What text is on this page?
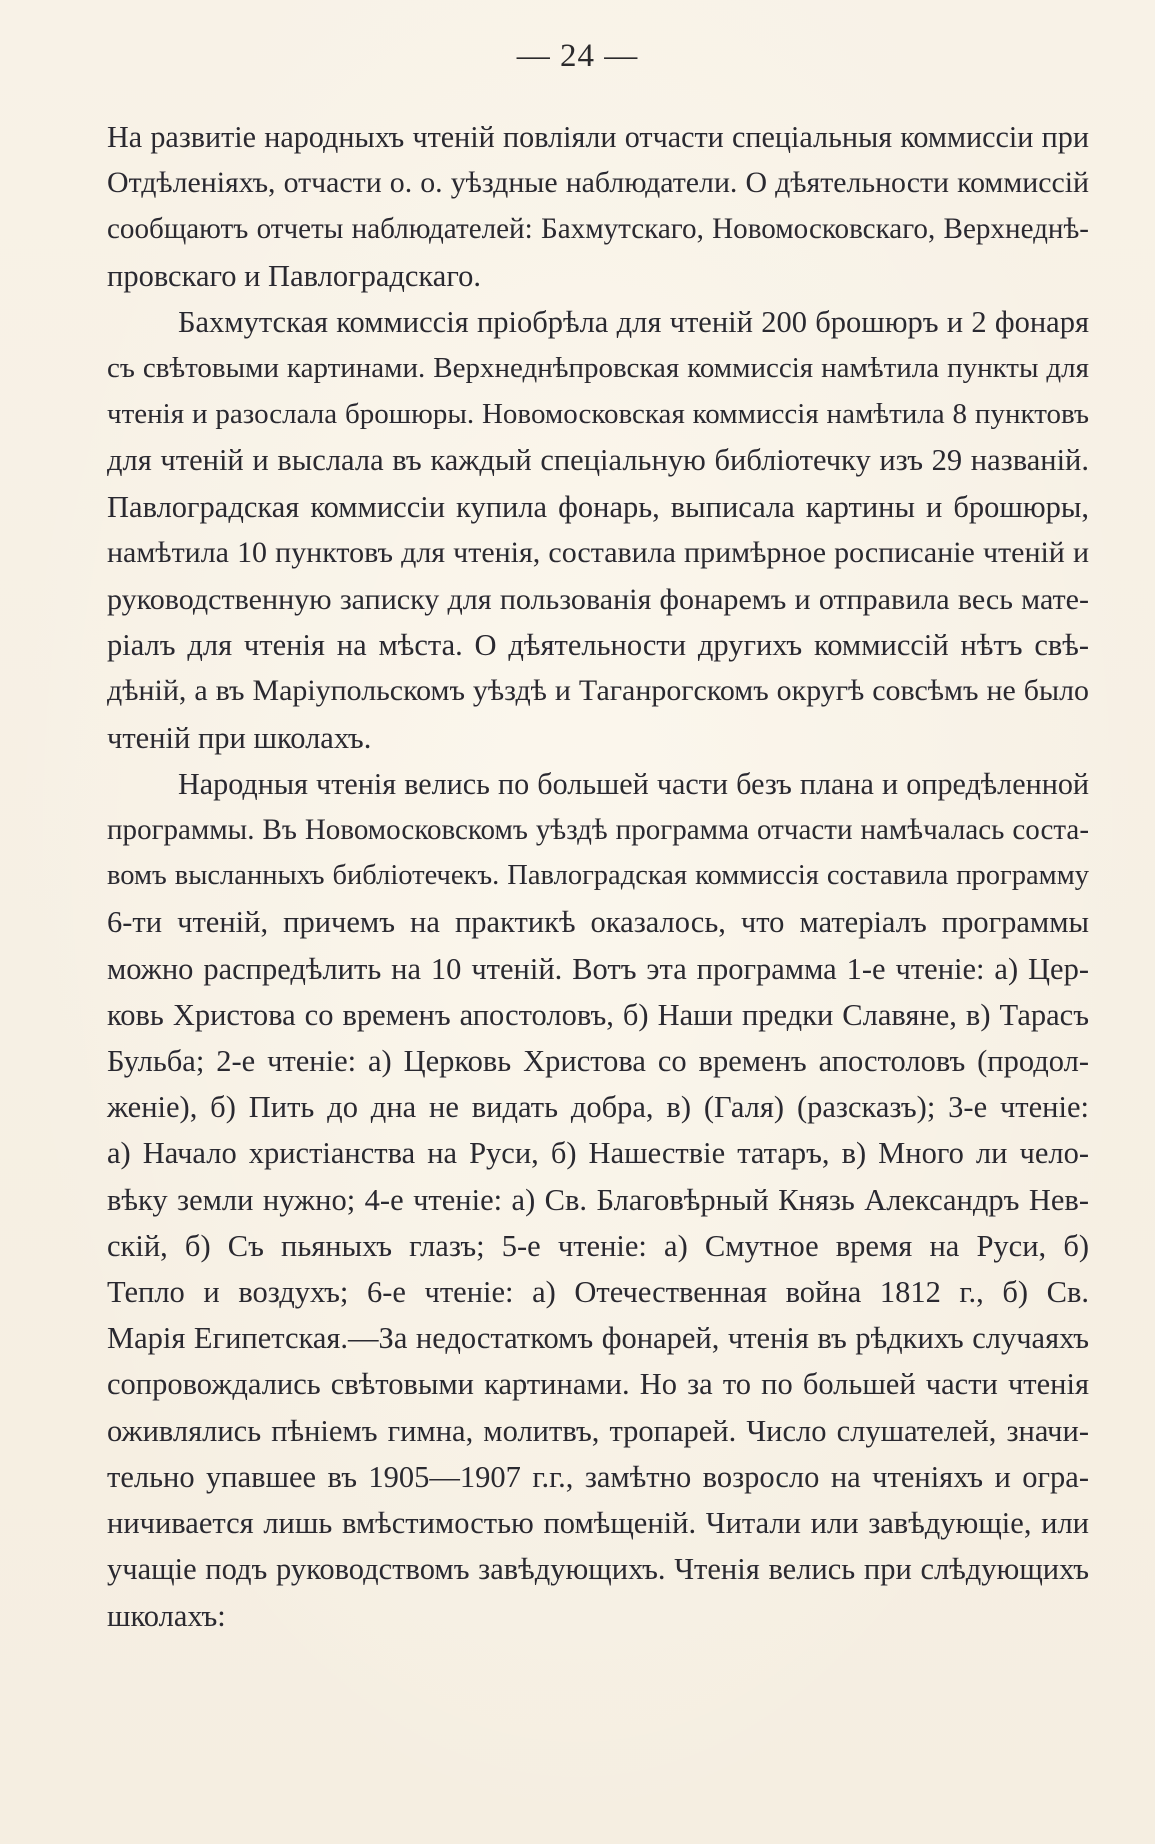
— 24 —
На развитіе народныхъ чтеній повліяли отчасти спеціальныя коммиссіи при
Отдѣленіяхъ, отчасти о. о. уѣздные наблюдатели. О дѣятельности коммиссій
сообщаютъ отчеты наблюдателей: Бахмутскаго, Новомосковскаго, Верхнеднѣ-
провскаго и Павлоградскаго.
Бахмутская коммиссія пріобрѣла для чтеній 200 брошюръ и 2 фонаря
съ свѣтовыми картинами. Верхнеднѣпровская коммиссія намѣтила пункты для
чтенія и разослала брошюры. Новомосковская коммиссія намѣтила 8 пунктовъ
для чтеній и выслала въ каждый спеціальную библіотечку изъ 29 названій.
Павлоградская коммиссіи купила фонарь, выписала картины и брошюры,
намѣтила 10 пунктовъ для чтенія, составила примѣрное росписаніе чтеній и
руководственную записку для пользованія фонаремъ и отправила весь мате-
ріалъ для чтенія на мѣста. О дѣятельности другихъ коммиссій нѣтъ свѣ-
дѣній, а въ Маріупольскомъ уѣздѣ и Таганрогскомъ округѣ совсѣмъ не было
чтеній при школахъ.
Народныя чтенія велись по большей части безъ плана и опредѣленной
программы. Въ Новомосковскомъ уѣздѣ программа отчасти намѣчалась соста-
вомъ высланныхъ библіотечекъ. Павлоградская коммиссія составила программу
6-ти чтеній, причемъ на практикѣ оказалось, что матеріалъ программы
можно распредѣлить на 10 чтеній. Вотъ эта программа 1-е чтеніе: а) Цер-
ковь Христова со временъ апостоловъ, б) Наши предки Славяне, в) Тарасъ
Бульба; 2-е чтеніе: а) Церковь Христова со временъ апостоловъ (продол-
женіе), б) Пить до дна не видать добра, в) (Галя) (разсказъ); 3-е чтеніе:
а) Начало христіанства на Руси, б) Нашествіе татаръ, в) Много ли чело-
вѣку земли нужно; 4-е чтеніе: а) Св. Благовѣрный Князь Александръ Нев-
скій, б) Съ пьяныхъ глазъ; 5-е чтеніе: а) Смутное время на Руси, б)
Тепло и воздухъ; 6-е чтеніе: а) Отечественная война 1812 г., б) Св.
Марія Египетская.—За недостаткомъ фонарей, чтенія въ рѣдкихъ случаяхъ
сопровождались свѣтовыми картинами. Но за то по большей части чтенія
оживлялись пѣніемъ гимна, молитвъ, тропарей. Число слушателей, значи-
тельно упавшее въ 1905—1907 г.г., замѣтно возросло на чтеніяхъ и огра-
ничивается лишь вмѣстимостью помѣщеній. Читали или завѣдующіе, или
учащіе подъ руководствомъ завѣдующихъ. Чтенія велись при слѣдующихъ
школахъ:
